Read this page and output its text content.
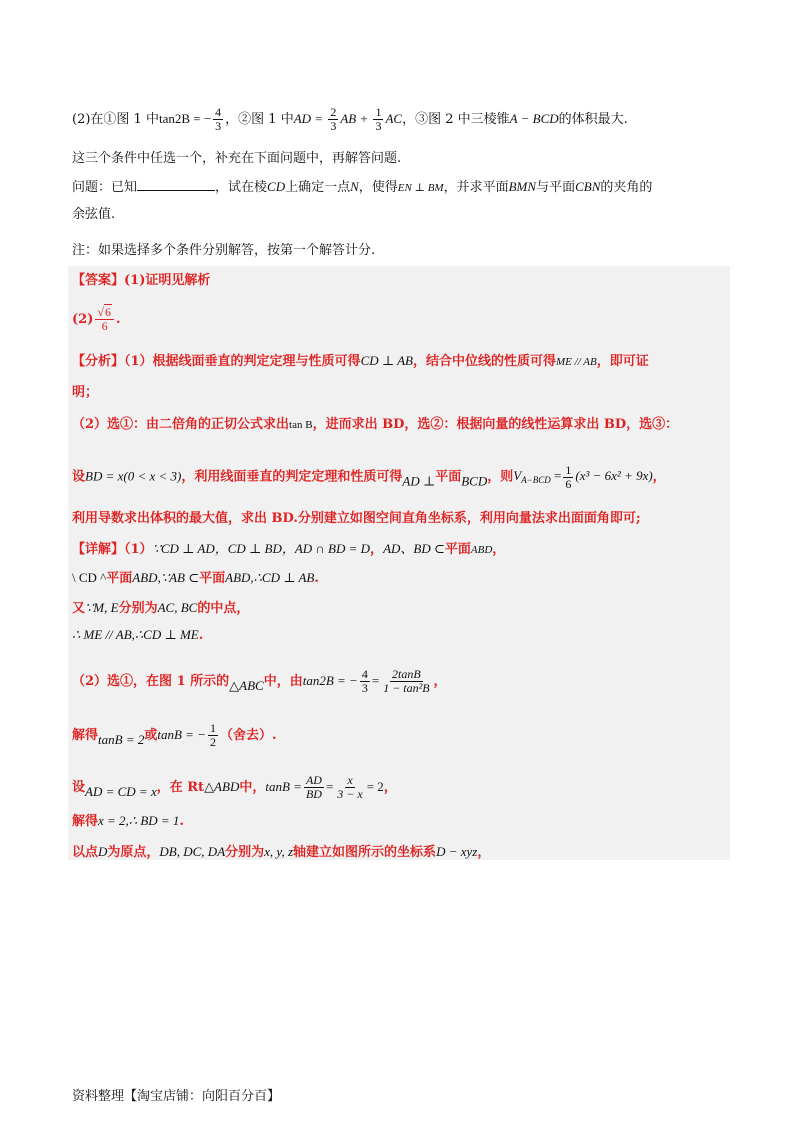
(2)在①图 1 中tan2B = − $\frac{4}{3}$ ，②图 1 中AD = $\frac{2}{3}$ AB + $\frac{1}{3}$ AC，③图 2 中三棱锥A − BCD的体积最大.
这三个条件中任选一个，补充在下面问题中，再解答问题.
问题：已知	，试在棱CD上确定一点N，使得EN ⊥ BM，并求平面BMN与平面CBN的夹角的
余弦值.
注：如果选择多个条件分别解答，按第一个解答计分.
【答案】(1)证明见解析
$(2) \frac{√6}{6}$ .
【分析】（1）根据线面垂直的判定定理与性质可得CD ⊥ AB，结合中位线的性质可得ME // AB，即可证
明；
（2）选①：由二倍角的正切公式求出tan B，进而求出 BD，选②：根据向量的线性运算求出 BD，选③：
设BD = x(0 < x < 3)，利用线面垂直的判定定理和性质可得AD ⊥平面BCD，则$V_{A-BCD} = \frac{1}{6} (x^3 - 6x^2 + 9x)$，
利用导数求出体积的最大值，求出 BD.分别建立如图空间直角坐标系，利用向量法求出面面角即可;
【详解】（1）∵CD ⊥ AD，CD ⊥ BD，AD ∩ BD = D，AD、BD ⊂平面ABD，
\ CD ^平面ABD,∵AB ⊂平面ABD,∴CD ⊥ AB.
又∵M, E分别为AC, BC的中点，
∴ ME // AB,∴CD ⊥ ME.
（2）选①，在图 1 所示的△ABC中，由tan2B = − $\frac{4}{3} = \frac{2\tan B}{\text{1 − tan²B}}$ ，
解得tanB = 2或tanB = − $\frac{1}{2}$ （舍去）.
设AD = CD = x，在 Rt△ABD中，$\tan B = \frac{AD}{BD} = \frac{x}{3 - x} = 2$，
解得x = 2,∴ BD = 1.
以点D为原点，DB, DC, DA分别为x, y, z轴建立如图所示的坐标系D − xyz，
资料整理【淘宝店铺：向阳百分百】
